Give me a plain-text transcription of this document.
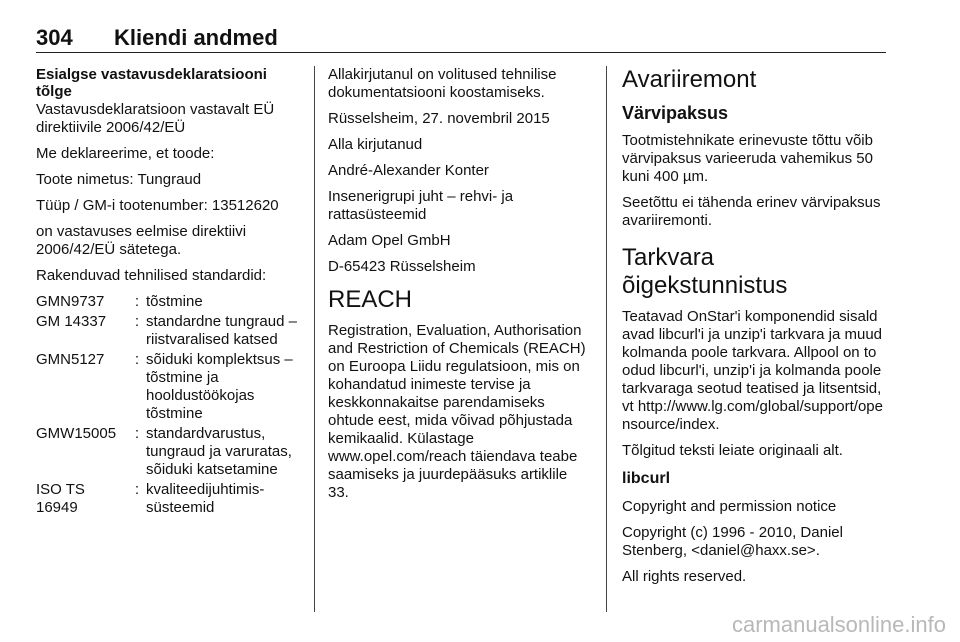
304 Kliendi andmed
Esialgse vastavusdeklaratsiooni tõlge

Vastavusdeklaratsioon vastavalt EÜ direktiivile 2006/42/EÜ

Me deklareerime, et toode:

Toote nimetus: Tungraud

Tüüp / GM-i tootenumber: 13512620

on vastavuses eelmise direktiivi 2006/42/EÜ sätetega.

Rakenduvad tehnilised standardid:

GMN9737	:	tõstmine
GM 14337	:	standardne tungraud – riistvaralised katsed
GMN5127	:	sõiduki komplektsus – tõstmine ja hooldustöökojas tõstmine
GMW15005	:	standardvarustus, tungraud ja varuratas, sõiduki katsetamine
ISO TS 16949	:	kvaliteedijuhtimis-süsteemid

Allakirjutanul on volitused tehnilise dokumentatsiooni koostamiseks.

Rüsselsheim, 27. novembril 2015

Alla kirjutanud

André-Alexander Konter

Insenerigrupi juht – rehvi- ja rattasüsteemid

Adam Opel GmbH

D-65423 Rüsselsheim

REACH

Registration, Evaluation, Authorisation and Restriction of Chemicals (REACH) on Euroopa Liidu regulatsioon, mis on kohandatud inimeste tervise ja keskkonnakaitse parendamiseks ohtude eest, mida võivad põhjustada kemikaalid. Külastage www.opel.com/reach täiendava teabe saamiseks ja juurdepääsuks artiklile 33.

Avariiremont
Värvipaksus

Tootmistehnikate erinevuste tõttu võib värvipaksus varieeruda vahemikus 50 kuni 400 µm.

Seetõttu ei tähenda erinev värvipaksus avariiremonti.

Tarkvara õigekstunnistus

Teatavad OnStar'i komponendid sisaldavad libcurl'i ja unzip'i tarkvara ja muud kolmanda poole tarkvara. Allpool on toodud libcurl'i, unzip'i ja kolmanda poole tarkvaraga seotud teatised ja litsentsid, vt http://www.lg.com/global/support/opensource/index.

Tõlgitud teksti leiate originaali alt.

libcurl

Copyright and permission notice

Copyright (c) 1996 - 2010, Daniel Stenberg, <daniel@haxx.se>.

All rights reserved.

carmanualsonline.info
